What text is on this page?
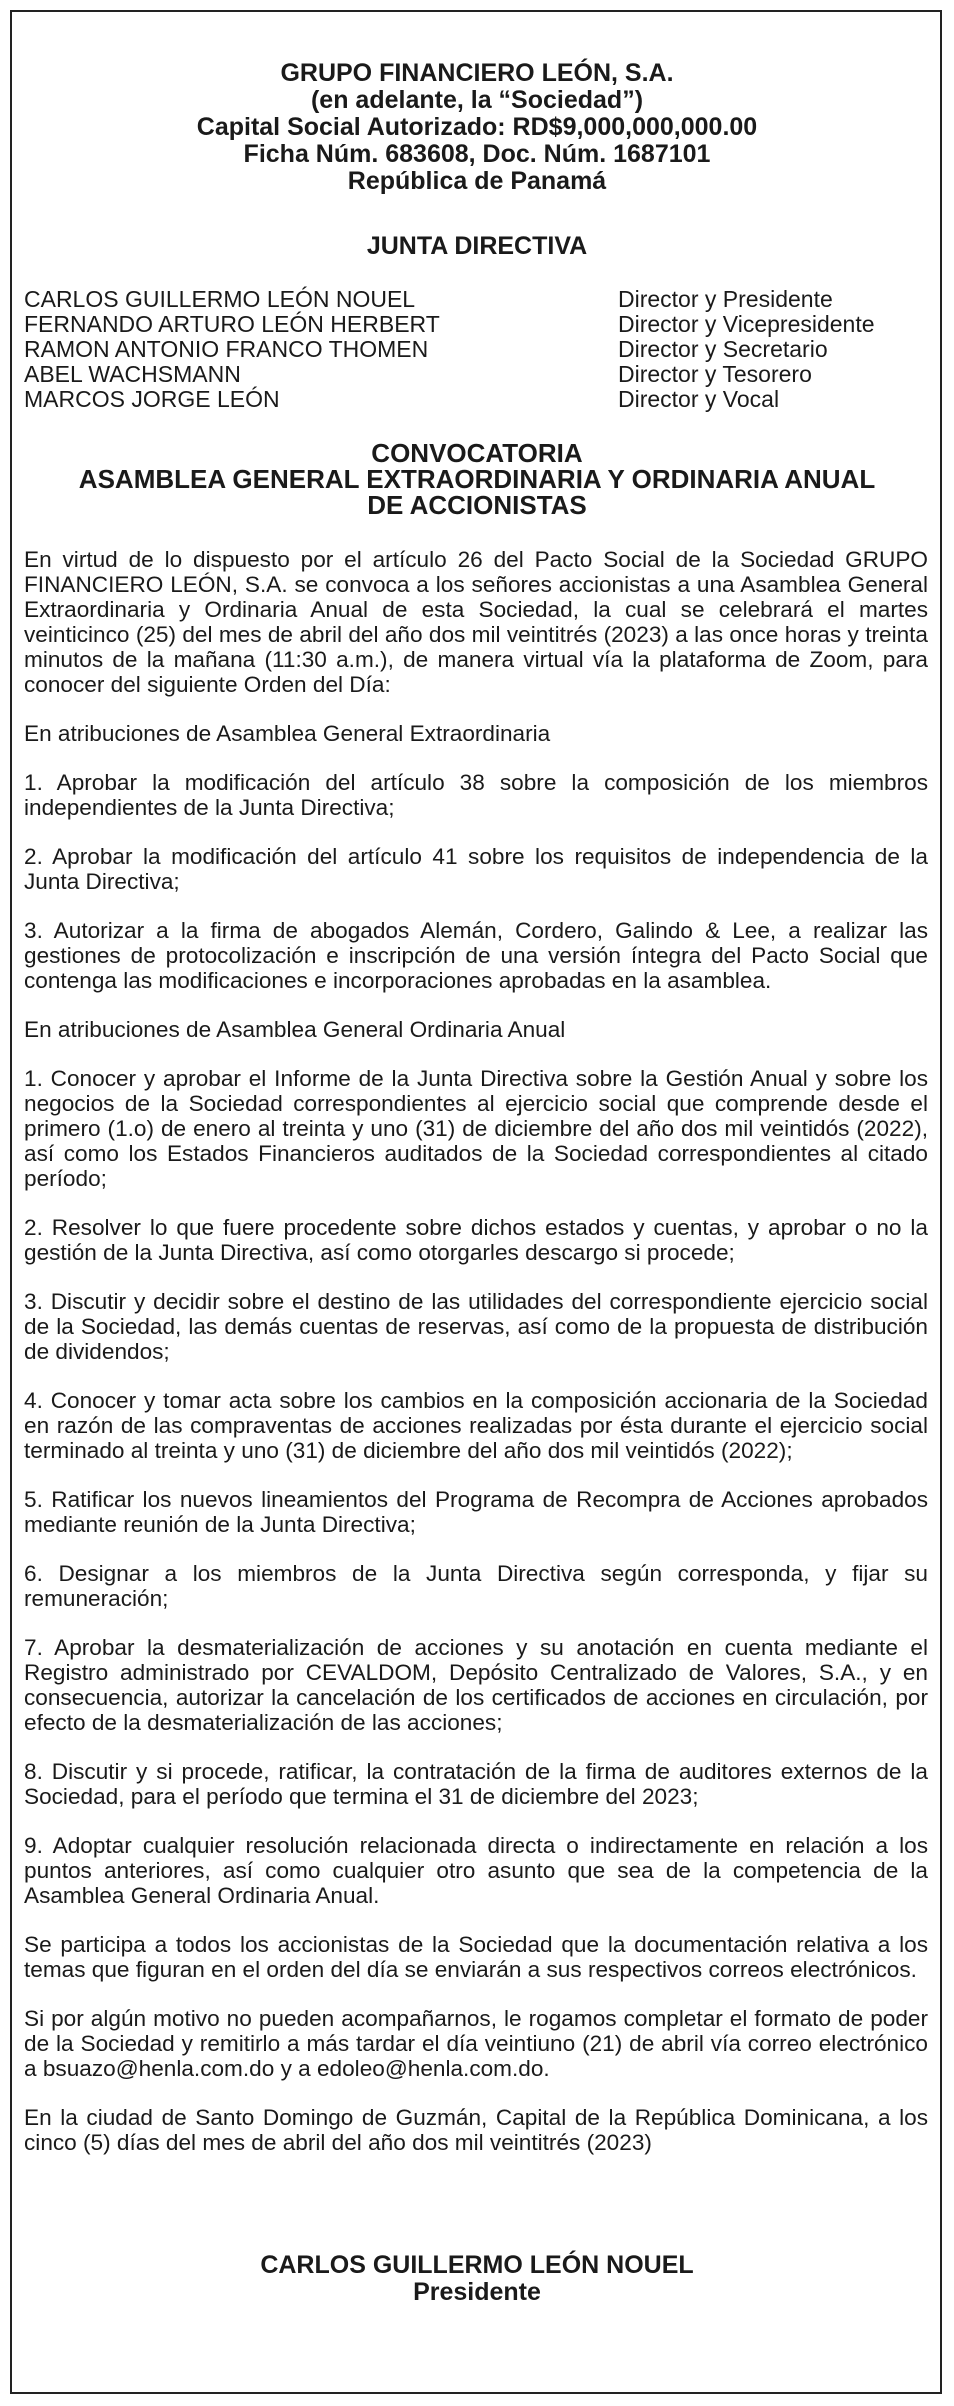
GRUPO FINANCIERO LEÓN, S.A.
(en adelante, la “Sociedad”)
Capital Social Autorizado: RD$9,000,000,000.00
Ficha Núm. 683608, Doc. Núm. 1687101
República de Panamá
JUNTA DIRECTIVA
CARLOS GUILLERMO LEÓN NOUEL	Director y Presidente
FERNANDO ARTURO LEÓN HERBERT	Director y Vicepresidente
RAMON ANTONIO FRANCO THOMEN	Director y Secretario
ABEL WACHSMANN	Director y Tesorero
MARCOS JORGE LEÓN	Director y Vocal
CONVOCATORIA
ASAMBLEA GENERAL EXTRAORDINARIA Y ORDINARIA ANUAL
DE ACCIONISTAS

En virtud de lo dispuesto por el artículo 26 del Pacto Social de la Sociedad GRUPO FINANCIERO LEÓN, S.A. se convoca a los señores accionistas a una Asamblea General Extraordinaria y Ordinaria Anual de esta Sociedad, la cual se celebrará el martes veinticinco (25) del mes de abril del año dos mil veintitrés (2023) a las once horas y treinta minutos de la mañana (11:30 a.m.), de manera virtual vía la plataforma de Zoom, para conocer del siguiente Orden del Día:

En atribuciones de Asamblea General Extraordinaria

1. Aprobar la modificación del artículo 38 sobre la composición de los miembros independientes de la Junta Directiva;

2. Aprobar la modificación del artículo 41 sobre los requisitos de independencia de la Junta Directiva;

3. Autorizar a la firma de abogados Alemán, Cordero, Galindo & Lee, a realizar las gestiones de protocolización e inscripción de una versión íntegra del Pacto Social que contenga las modificaciones e incorporaciones aprobadas en la asamblea.

En atribuciones de Asamblea General Ordinaria Anual

1. Conocer y aprobar el Informe de la Junta Directiva sobre la Gestión Anual y sobre los negocios de la Sociedad correspondientes al ejercicio social que comprende desde el primero (1.o) de enero al treinta y uno (31) de diciembre del año dos mil veintidós (2022), así como los Estados Financieros auditados de la Sociedad correspondientes al citado período;

2. Resolver lo que fuere procedente sobre dichos estados y cuentas, y aprobar o no la gestión de la Junta Directiva, así como otorgarles descargo si procede;

3. Discutir y decidir sobre el destino de las utilidades del correspondiente ejercicio social de la Sociedad, las demás cuentas de reservas, así como de la propuesta de distribución de dividendos;

4. Conocer y tomar acta sobre los cambios en la composición accionaria de la Sociedad en razón de las compraventas de acciones realizadas por ésta durante el ejercicio social terminado al treinta y uno (31) de diciembre del año dos mil veintidós (2022);

5. Ratificar los nuevos lineamientos del Programa de Recompra de Acciones aprobados mediante reunión de la Junta Directiva;

6. Designar a los miembros de la Junta Directiva según corresponda, y fijar su remuneración;

7. Aprobar la desmaterialización de acciones y su anotación en cuenta mediante el Registro administrado por CEVALDOM, Depósito Centralizado de Valores, S.A., y en consecuencia, autorizar la cancelación de los certificados de acciones en circulación, por efecto de la desmaterialización de las acciones;

8. Discutir y si procede, ratificar, la contratación de la firma de auditores externos de la Sociedad, para el período que termina el 31 de diciembre del 2023;

9. Adoptar cualquier resolución relacionada directa o indirectamente en relación a los puntos anteriores, así como cualquier otro asunto que sea de la competencia de la Asamblea General Ordinaria Anual.

Se participa a todos los accionistas de la Sociedad que la documentación relativa a los temas que figuran en el orden del día se enviarán a sus respectivos correos electrónicos.

Si por algún motivo no pueden acompañarnos, le rogamos completar el formato de poder de la Sociedad y remitirlo a más tardar el día veintiuno (21) de abril vía correo electrónico a bsuazo@henla.com.do y a edoleo@henla.com.do.

En la ciudad de Santo Domingo de Guzmán, Capital de la República Dominicana, a los cinco (5) días del mes de abril del año dos mil veintitrés (2023)

CARLOS GUILLERMO LEÓN NOUEL
Presidente
